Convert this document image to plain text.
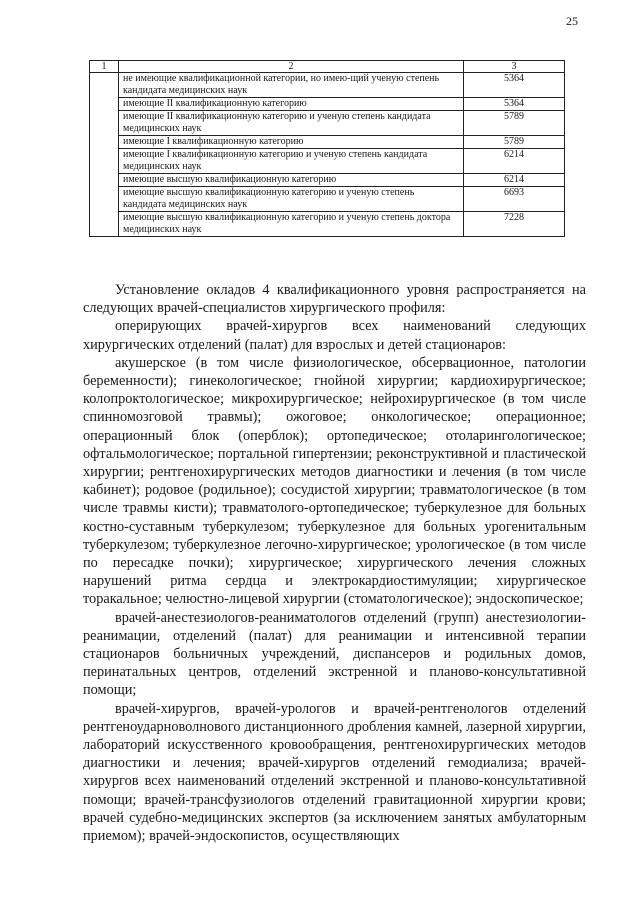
25
1	2	3
	не имеющие квалификационной категории, но имею-щий ученую степень кандидата медицинских наук	5364
	имеющие II квалификационную категорию	5364
	имеющие II квалификационную категорию и ученую степень кандидата медицинских наук	5789
	имеющие I квалификационную категорию	5789
	имеющие I квалификационную категорию и ученую степень кандидата медицинских наук	6214
	имеющие высшую квалификационную категорию	6214
	имеющие высшую квалификационную категорию и ученую степень кандидата медицинских наук	6693
	имеющие высшую квалификационную категорию и ученую степень доктора медицинских наук	7228

Установление окладов 4 квалификационного уровня распространяется на следующих врачей-специалистов хирургического профиля:

оперирующих врачей-хирургов всех наименований следующих хирургических отделений (палат) для взрослых и детей стационаров:

акушерское (в том числе физиологическое, обсервационное, патологии беременности); гинекологическое; гнойной хирургии; кардиохирургическое; колопроктологическое; микрохирургическое; нейрохирургическое (в том числе спинномозговой травмы); ожоговое; онкологическое; операционное; операционный блок (оперблок); ортопедическое; отоларингологическое; офтальмологическое; портальной гипертензии; реконструктивной и пластической хирургии; рентгенохирургических методов диагностики и лечения (в том числе кабинет); родовое (родильное); сосудистой хирургии; травматологическое (в том числе травмы кисти); травматолого-ортопедическое; туберкулезное для больных костно-суставным туберкулезом; туберкулезное для больных урогенитальным туберкулезом; туберкулезное легочно-хирургическое; урологическое (в том числе по пересадке почки); хирургическое; хирургического лечения сложных нарушений ритма сердца и электрокардиостимуляции; хирургическое торакальное; челюстно-лицевой хирургии (стоматологическое); эндоскопическое;

врачей-анестезиологов-реаниматологов отделений (групп) анестезиологии-реанимации, отделений (палат) для реанимации и интенсивной терапии стационаров больничных учреждений, диспансеров и родильных домов, перинатальных центров, отделений экстренной и планово-консультативной помощи;

врачей-хирургов, врачей-урологов и врачей-рентгенологов отделений рентгеноударноволнового дистанционного дробления камней, лазерной хирургии, лабораторий искусственного кровообращения, рентгенохирургических методов диагностики и лечения; врачей-хирургов отделений гемодиализа; врачей-хирургов всех наименований отделений экстренной и планово-консультативной помощи; врачей-трансфузиологов отделений гравитационной хирургии крови; врачей судебно-медицинских экспертов (за исключением занятых амбулаторным приемом); врачей-эндоскопистов, осуществляющих
